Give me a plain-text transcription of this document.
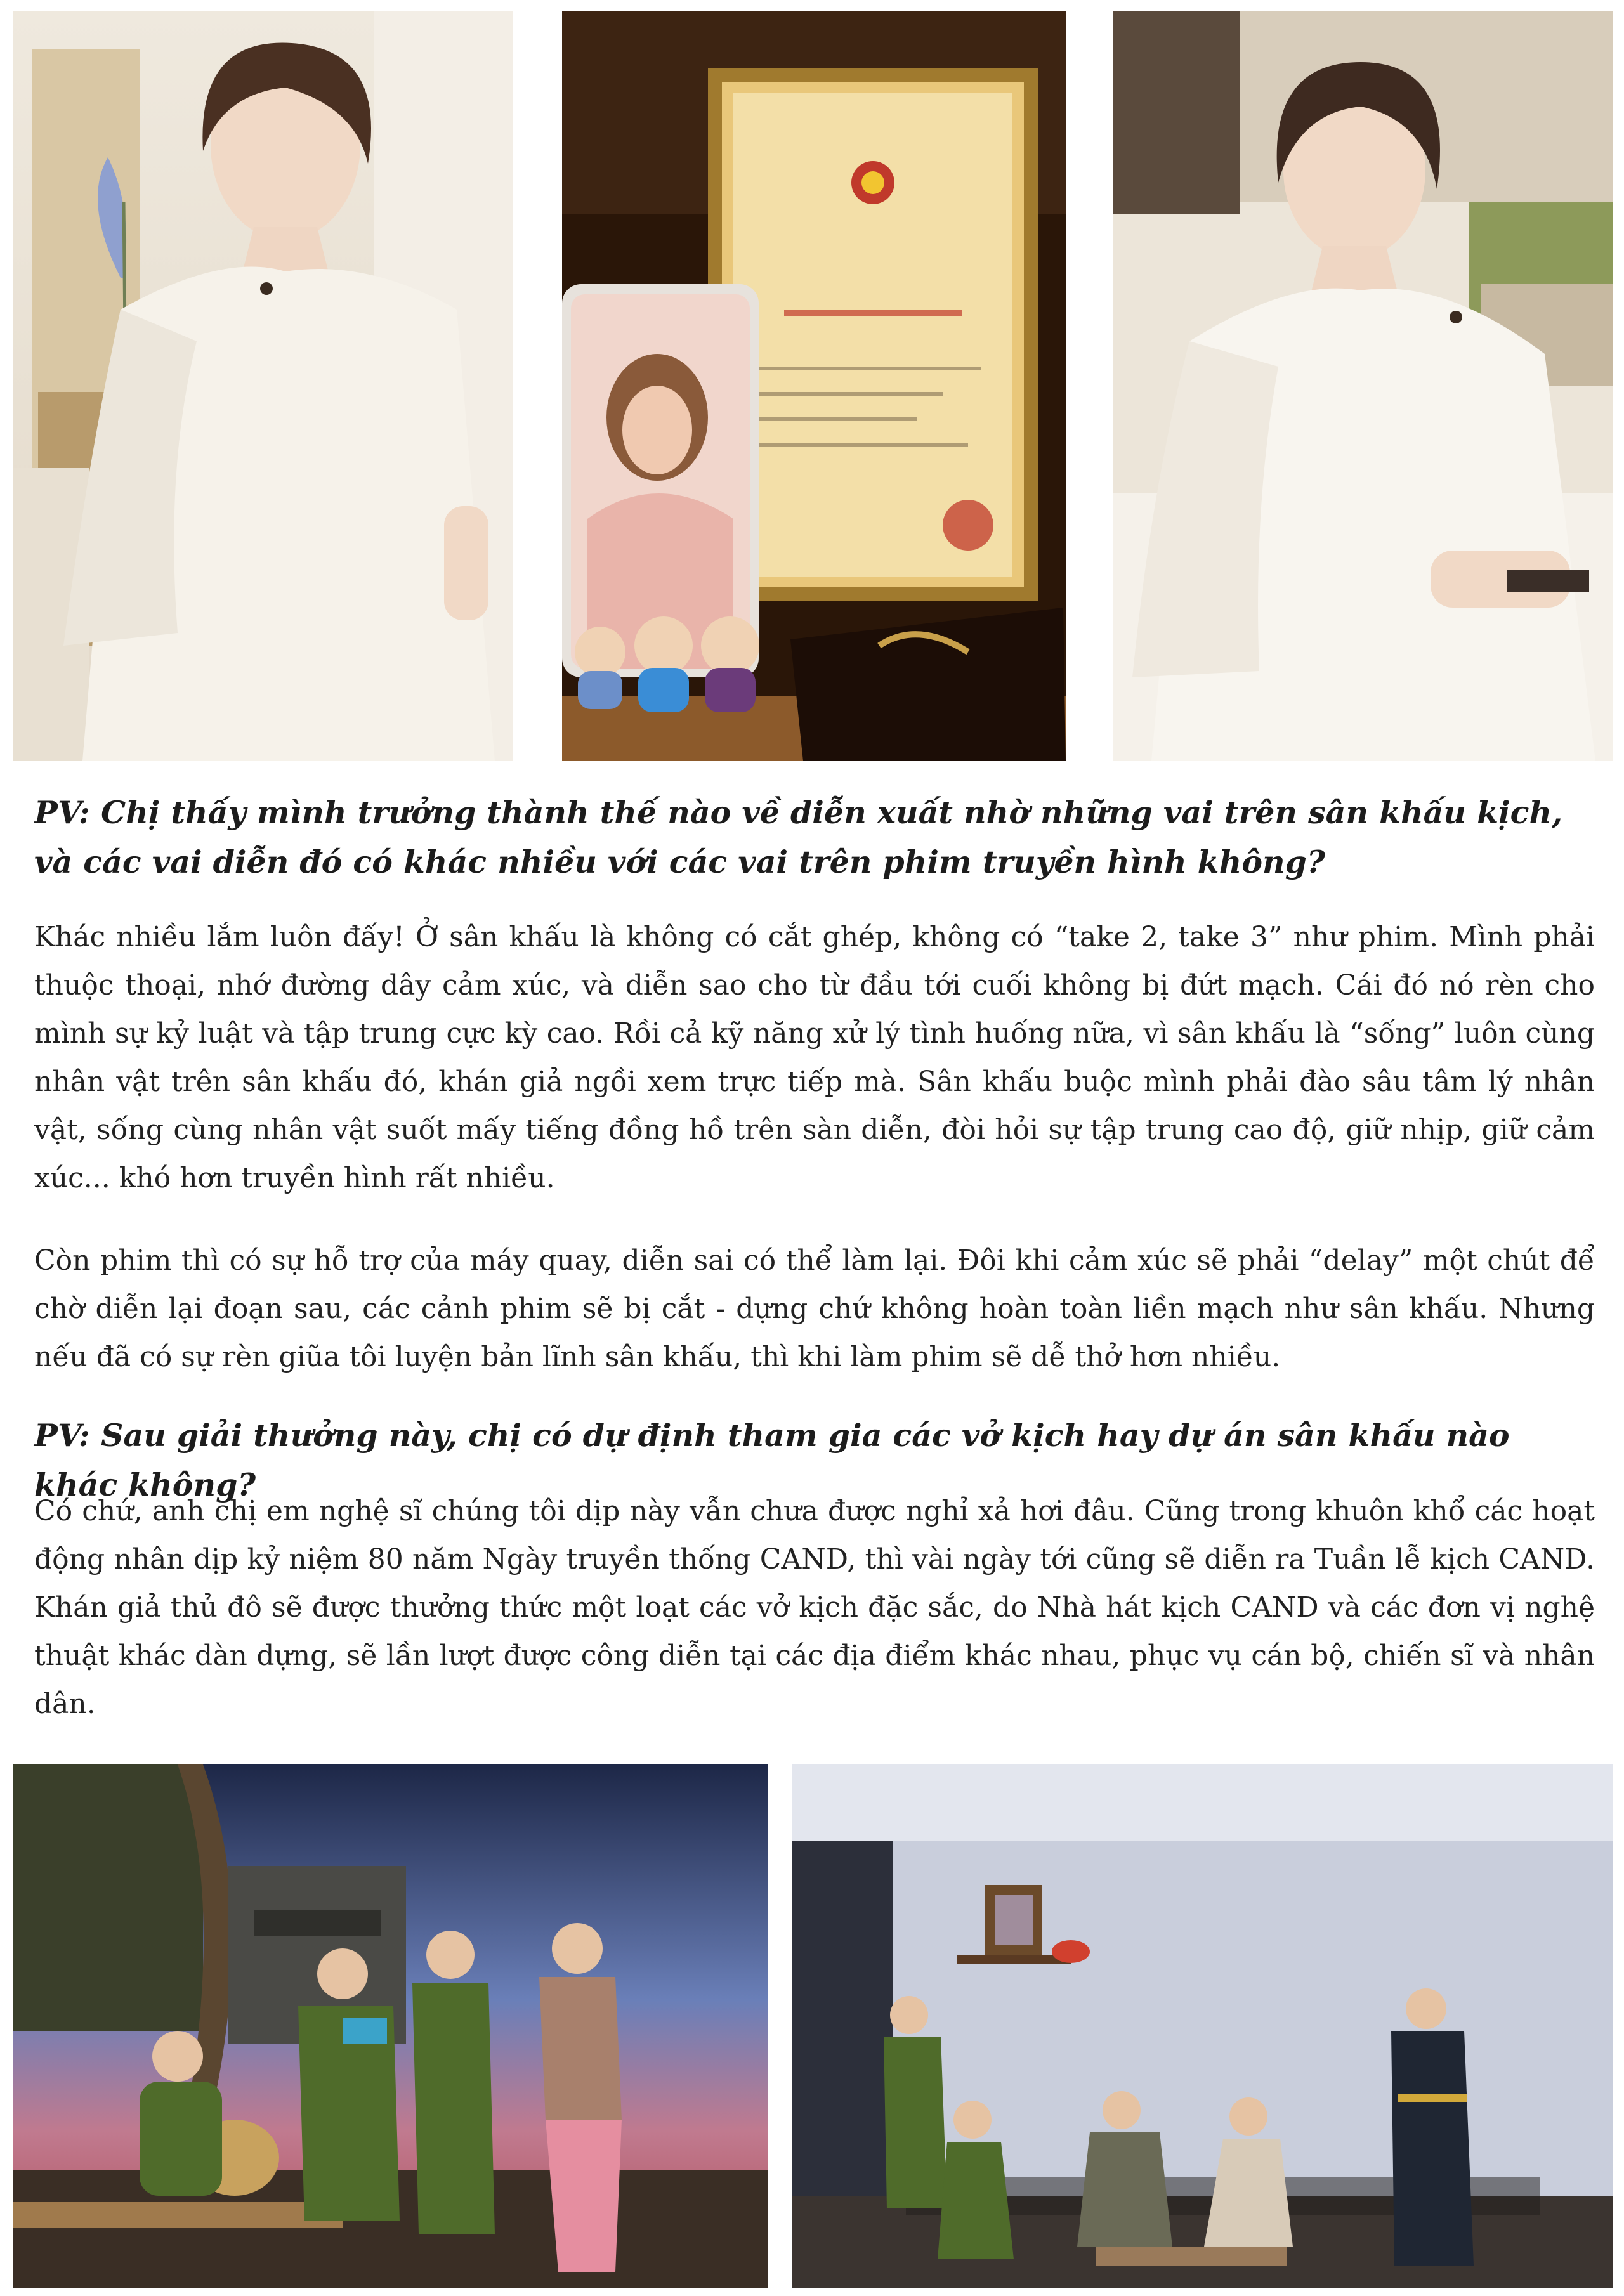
PV: Chị thấy mình trưởng thành thế nào về diễn xuất nhờ những vai trên sân khấu kịch, và các vai diễn đó có khác nhiều với các vai trên phim truyền hình không?

Khác nhiều lắm luôn đấy! Ở sân khấu là không có cắt ghép, không có “take 2, take 3” như phim. Mình phải thuộc thoại, nhớ đường dây cảm xúc, và diễn sao cho từ đầu tới cuối không bị đứt mạch. Cái đó nó rèn cho mình sự kỷ luật và tập trung cực kỳ cao. Rồi cả kỹ năng xử lý tình huống nữa, vì sân khấu là “sống” luôn cùng nhân vật trên sân khấu đó, khán giả ngồi xem trực tiếp mà. Sân khấu buộc mình phải đào sâu tâm lý nhân vật, sống cùng nhân vật suốt mấy tiếng đồng hồ trên sàn diễn, đòi hỏi sự tập trung cao độ, giữ nhịp, giữ cảm xúc... khó hơn truyền hình rất nhiều.

Còn phim thì có sự hỗ trợ của máy quay, diễn sai có thể làm lại. Đôi khi cảm xúc sẽ phải “delay” một chút để chờ diễn lại đoạn sau, các cảnh phim sẽ bị cắt - dựng chứ không hoàn toàn liền mạch như sân khấu. Nhưng nếu đã có sự rèn giũa tôi luyện bản lĩnh sân khấu, thì khi làm phim sẽ dễ thở hơn nhiều.

PV: Sau giải thưởng này, chị có dự định tham gia các vở kịch hay dự án sân khấu nào khác không?

Có chứ, anh chị em nghệ sĩ chúng tôi dịp này vẫn chưa được nghỉ xả hơi đâu. Cũng trong khuôn khổ các hoạt động nhân dịp kỷ niệm 80 năm Ngày truyền thống CAND, thì vài ngày tới cũng sẽ diễn ra Tuần lễ kịch CAND. Khán giả thủ đô sẽ được thưởng thức một loạt các vở kịch đặc sắc, do Nhà hát kịch CAND và các đơn vị nghệ thuật khác dàn dựng, sẽ lần lượt được công diễn tại các địa điểm khác nhau, phục vụ cán bộ, chiến sĩ và nhân dân.
